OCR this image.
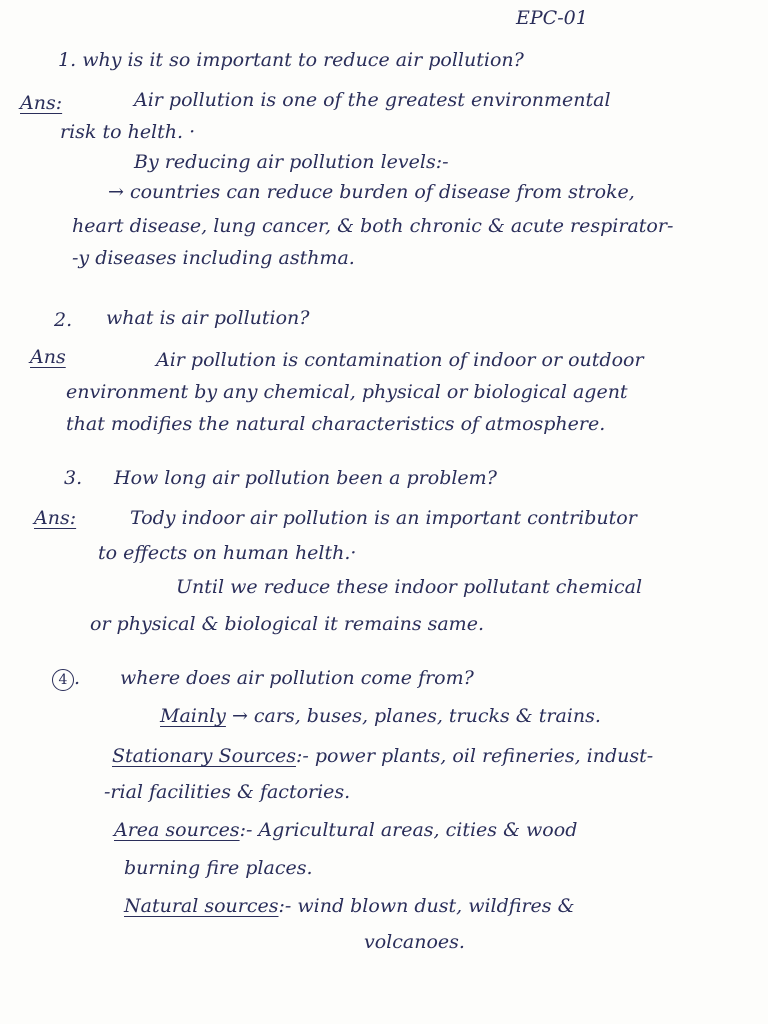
EPC-01
1. why is it so important to reduce air pollution?
Ans:	Air pollution is one of the greatest environmental
risk to helth. ·
By reducing air pollution levels:-
→ countries can reduce burden of disease from stroke,
heart disease, lung cancer, & both chronic & acute respirator-
-y diseases including asthma.
2. what is air pollution?
Ans	Air pollution is contamination of indoor or outdoor
environment by any chemical, physical or biological agent
that modifies the natural characteristics of atmosphere.
3. How long air pollution been a problem?
Ans:	Tody indoor air pollution is an important contributor
to effects on human helth.·
Until we reduce these indoor pollutant chemical
or physical & biological it remains same.
4 . where does air pollution come from?
Mainly → cars, buses, planes, trucks & trains.
Stationary Sources:- power plants, oil refineries, indust-
-rial facilities & factories.
Area sources:- Agricultural areas, cities & wood
burning fire places.
Natural sources:- wind blown dust, wildfires &
volcanoes.
